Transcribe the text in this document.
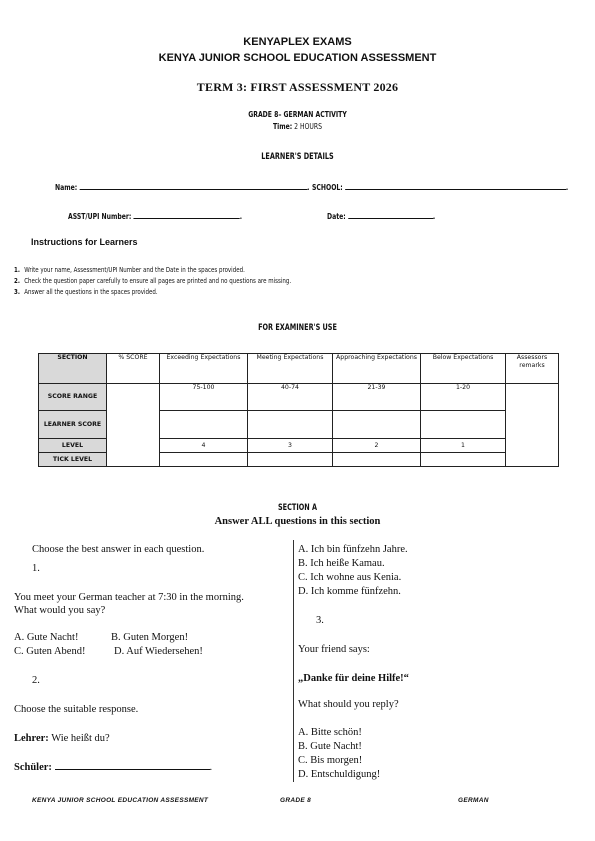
KENYAPLEX EXAMS
KENYA JUNIOR SCHOOL EDUCATION ASSESSMENT
TERM 3: FIRST ASSESSMENT 2026
GRADE 8– GERMAN ACTIVITY
Time: 2 HOURS
LEARNER'S DETAILS
Name:	. SCHOOL:	.
ASST/UPI Number:	.	Date:	.
Instructions for Learners
1. Write your name, Assessment/UPI Number and the Date in the spaces provided.
2. Check the question paper carefully to ensure all pages are printed and no questions are missing.
3. Answer all the questions in the spaces provided.
FOR EXAMINER'S USE
SECTION	% SCORE	Exceeding Expectations	Meeting Expectations	Approaching Expectations	Below Expectations	Assessors remarks
SCORE RANGE		75-100	40-74	21-39	1-20	
LEARNER SCORE						
LEVEL		4	3	2	1	
TICK LEVEL						
SECTION A
Answer ALL questions in this section
Choose the best answer in each question.
1.
You meet your German teacher at 7:30 in the morning.
What would you say?
A. Gute Nacht!	B. Guten Morgen!
C. Guten Abend!	D. Auf Wiedersehen!
2.
Choose the suitable response.
Lehrer: Wie heißt du?
Schüler:	.
A. Ich bin fünfzehn Jahre.
B. Ich heiße Kamau.
C. Ich wohne aus Kenia.
D. Ich komme fünfzehn.
3.
Your friend says:
„Danke für deine Hilfe!“
What should you reply?
A. Bitte schön!
B. Gute Nacht!
C. Bis morgen!
D. Entschuldigung!
KENYA JUNIOR SCHOOL EDUCATION ASSESSMENT	GRADE 8	GERMAN
